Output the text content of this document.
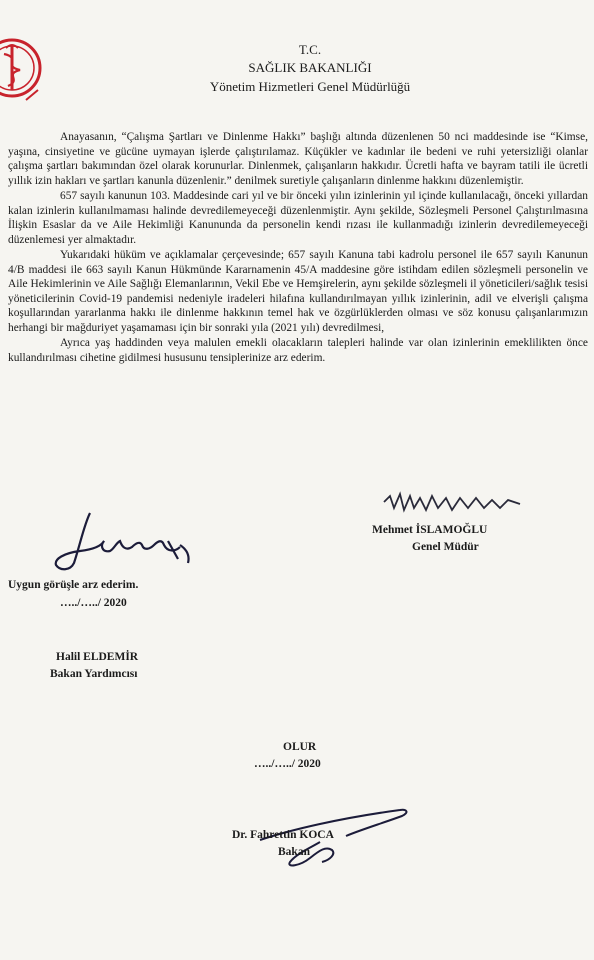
T.C.
SAĞLIK BAKANLIĞI
Yönetim Hizmetleri Genel Müdürlüğü

Anayasanın, “Çalışma Şartları ve Dinlenme Hakkı” başlığı altında düzenlenen 50 nci maddesinde ise “Kimse, yaşına, cinsiyetine ve gücüne uymayan işlerde çalıştırılamaz. Küçükler ve kadınlar ile bedeni ve ruhi yetersizliği olanlar çalışma şartları bakımından özel olarak korunurlar. Dinlenmek, çalışanların hakkıdır. Ücretli hafta ve bayram tatili ile ücretli yıllık izin hakları ve şartları kanunla düzenlenir.” denilmek suretiyle çalışanların dinlenme hakkını düzenlemiştir.

657 sayılı kanunun 103. Maddesinde cari yıl ve bir önceki yılın izinlerinin yıl içinde kullanılacağı, önceki yıllardan kalan izinlerin kullanılmaması halinde devredilemeyeceği düzenlenmiştir. Aynı şekilde, Sözleşmeli Personel Çalıştırılmasına İlişkin Esaslar da ve Aile Hekimliği Kanununda da personelin kendi rızası ile kullanmadığı izinlerin devredilemeyeceği düzenlemesi yer almaktadır.

Yukarıdaki hüküm ve açıklamalar çerçevesinde; 657 sayılı Kanuna tabi kadrolu personel ile 657 sayılı Kanunun 4/B maddesi ile 663 sayılı Kanun Hükmünde Kararnamenin 45/A maddesine göre istihdam edilen sözleşmeli personelin ve Aile Hekimlerinin ve Aile Sağlığı Elemanlarının, Vekil Ebe ve Hemşirelerin, aynı şekilde sözleşmeli il yöneticileri/sağlık tesisi yöneticilerinin Covid-19 pandemisi nedeniyle iradeleri hilafına kullandırılmayan yıllık izinlerinin, adil ve elverişli çalışma koşullarından yararlanma hakkı ile dinlenme hakkının temel hak ve özgürlüklerden olması ve söz konusu çalışanlarımızın herhangi bir mağduriyet yaşamaması için bir sonraki yıla (2021 yılı) devredilmesi,

Ayrıca yaş haddinden veya malulen emekli olacakların talepleri halinde var olan izinlerinin emeklilikten önce kullandırılması cihetine gidilmesi hususunu tensiplerinize arz ederim.

Mehmet İSLAMOĞLU
Genel Müdür
Uygun görüşle arz ederim.
…../…../ 2020
Halil ELDEMİR
Bakan Yardımcısı
OLUR
…../…../ 2020
Dr. Fahrettin KOCA
Bakan
